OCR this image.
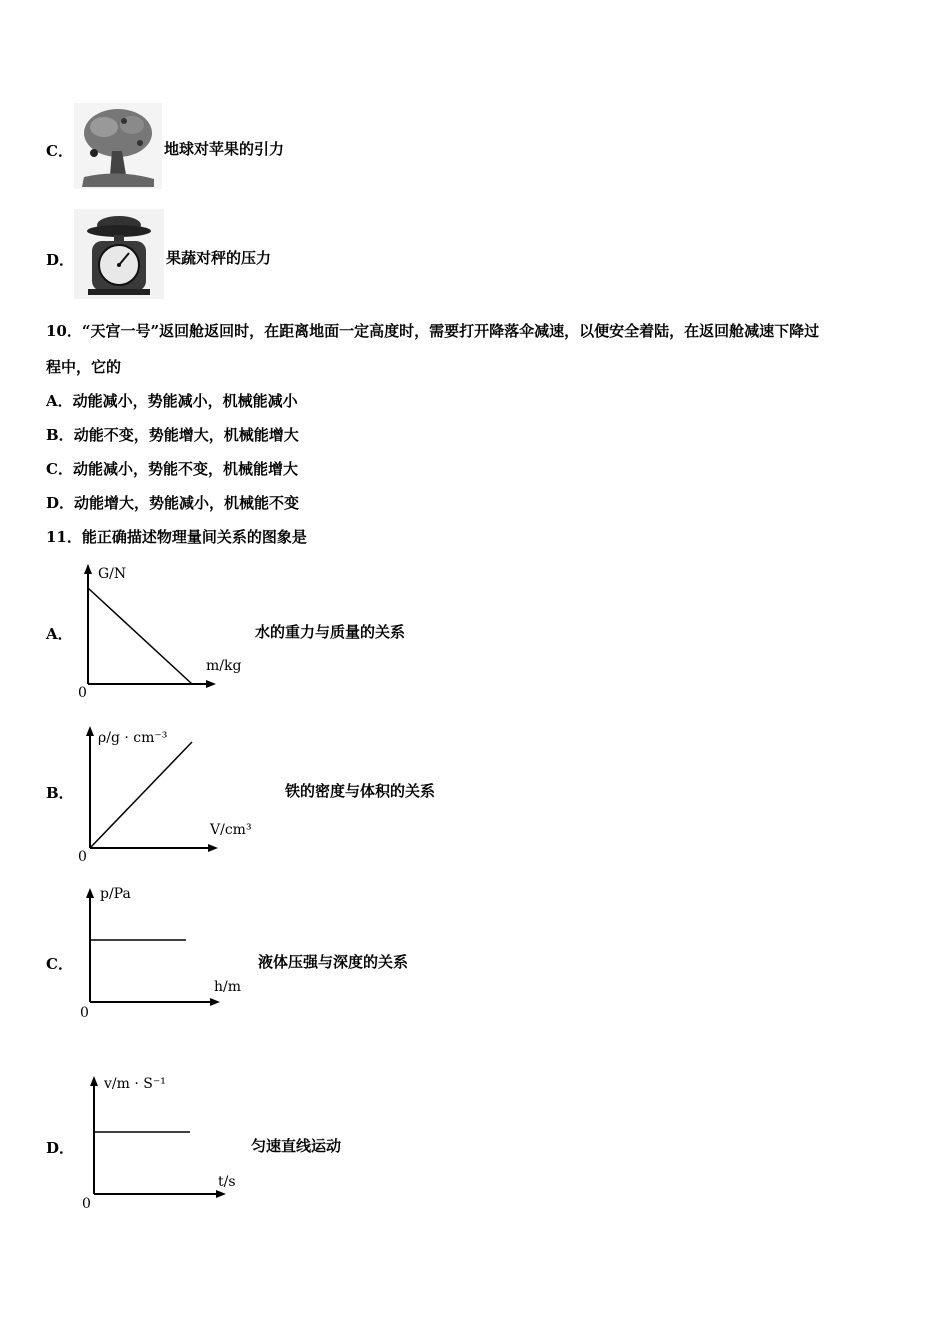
C．	地球对苹果的引力
D．	果蔬对秤的压力
10．“天宫一号”返回舱返回时，在距离地面一定高度时，需要打开降落伞减速，以便安全着陆，在返回舱减速下降过
程中，它的
A．动能减小，势能减小，机械能减小
B．动能不变，势能增大，机械能增大
C．动能减小，势能不变，机械能增大
D．动能增大，势能减小，机械能不变
11．能正确描述物理量间关系的图象是
A．
G/N
m/kg
0
水的重力与质量的关系
B．
ρ/g · cm⁻³
V/cm³
0
铁的密度与体积的关系
C．
p/Pa
h/m
0
液体压强与深度的关系
D．
v/m · S⁻¹
t/s
0
匀速直线运动
